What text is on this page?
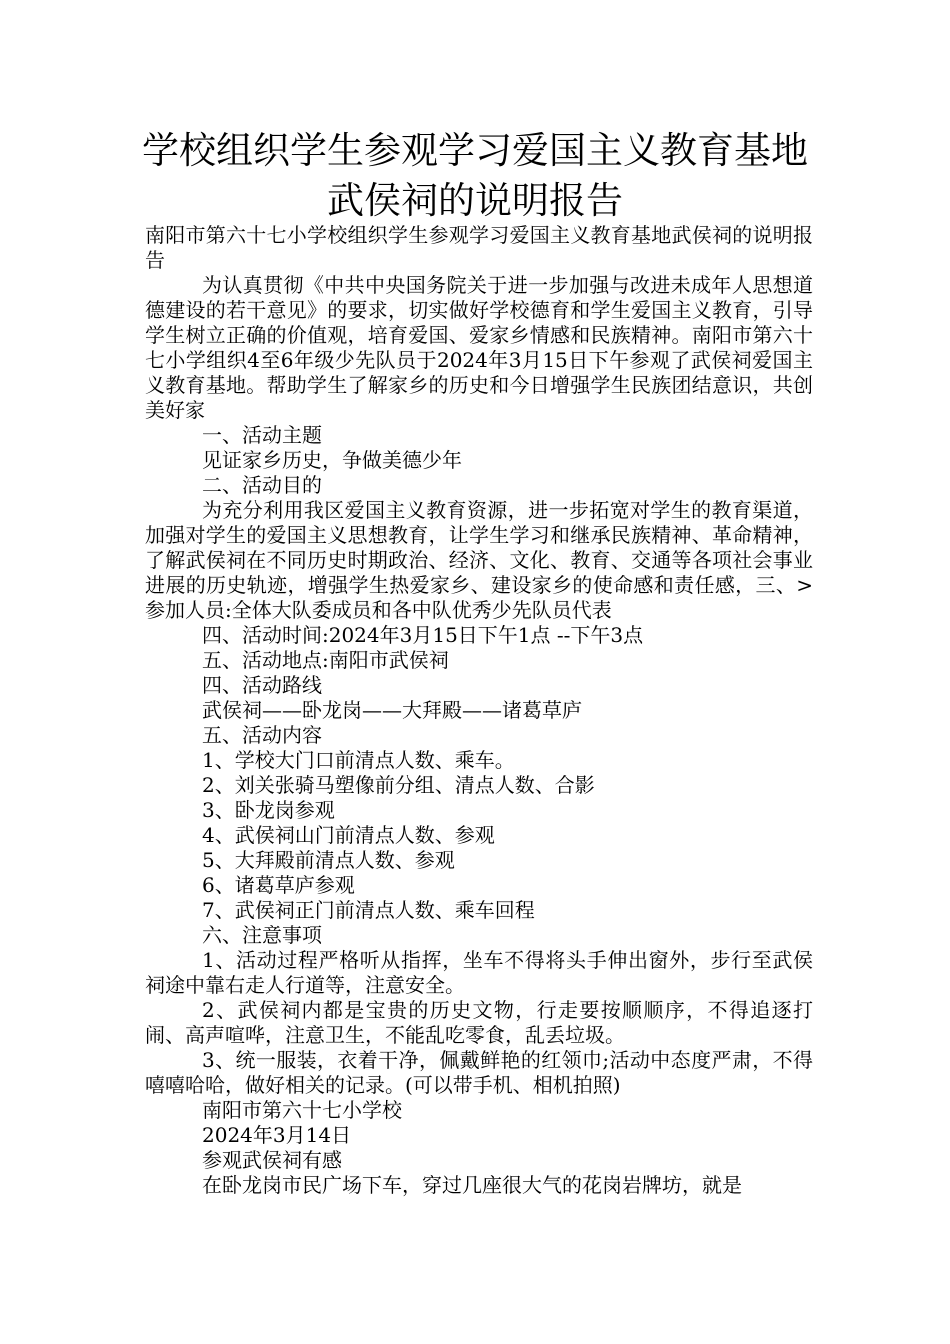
学校组织学生参观学习爱国主义教育基地
武侯祠的说明报告

南阳市第六十七小学校组织学生参观学习爱国主义教育基地武侯祠的说明报告

为认真贯彻《中共中央国务院关于进一步加强与改进未成年人思想道德建设的若干意见》的要求，切实做好学校德育和学生爱国主义教育，引导学生树立正确的价值观，培育爱国、爱家乡情感和民族精神。南阳市第六十七小学组织4至6年级少先队员于2024年3月15日下午参观了武侯祠爱国主义教育基地。帮助学生了解家乡的历史和今日增强学生民族团结意识，共创美好家

一、活动主题

见证家乡历史，争做美德少年

二、活动目的

为充分利用我区爱国主义教育资源，进一步拓宽对学生的教育渠道，加强对学生的爱国主义思想教育，让学生学习和继承民族精神、革命精神，了解武侯祠在不同历史时期政治、经济、文化、教育、交通等各项社会事业进展的历史轨迹，增强学生热爱家乡、建设家乡的使命感和责任感，三、>参加人员:全体大队委成员和各中队优秀少先队员代表

四、活动时间:2024年3月15日下午1点 --下午3点

五、活动地点:南阳市武侯祠

四、活动路线

武侯祠——卧龙岗——大拜殿——诸葛草庐

五、活动内容

1、学校大门口前清点人数、乘车。

2、刘关张骑马塑像前分组、清点人数、合影

3、卧龙岗参观

4、武侯祠山门前清点人数、参观

5、大拜殿前清点人数、参观

6、诸葛草庐参观

7、武侯祠正门前清点人数、乘车回程

六、注意事项

1、活动过程严格听从指挥，坐车不得将头手伸出窗外，步行至武侯祠途中靠右走人行道等，注意安全。

2、武侯祠内都是宝贵的历史文物，行走要按顺顺序，不得追逐打闹、高声喧哗，注意卫生，不能乱吃零食，乱丢垃圾。

3、统一服装，衣着干净，佩戴鲜艳的红领巾;活动中态度严肃，不得嘻嘻哈哈，做好相关的记录。(可以带手机、相机拍照)

南阳市第六十七小学校

2024年3月14日

参观武侯祠有感

在卧龙岗市民广场下车，穿过几座很大气的花岗岩牌坊，就是
